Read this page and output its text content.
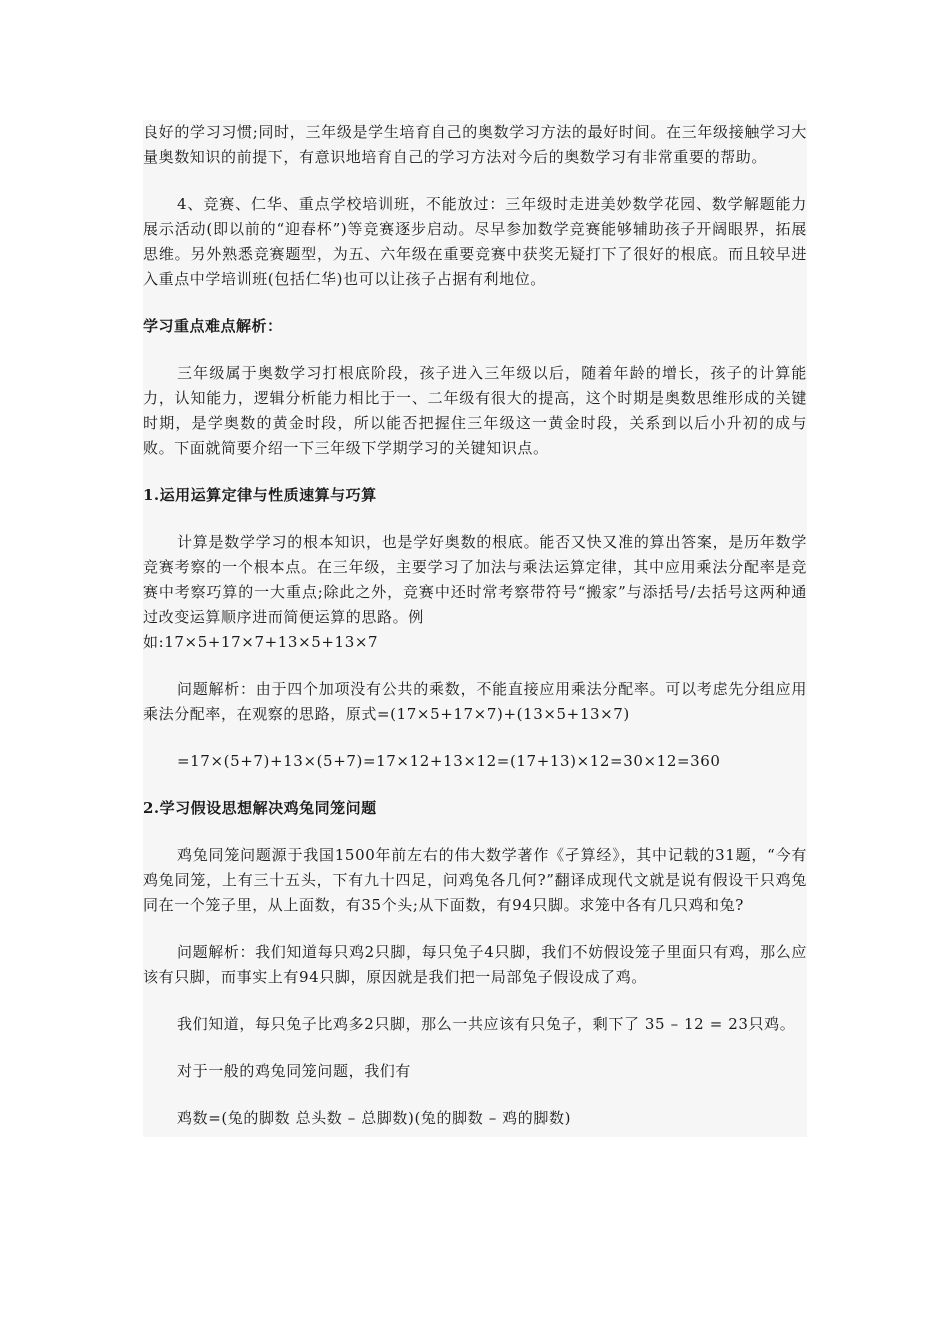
良好的学习习惯;同时，三年级是学生培育自己的奥数学习方法的最好时间。在三年级接触学习大量奥数知识的前提下，有意识地培育自己的学习方法对今后的奥数学习有非常重要的帮助。

4、竞赛、仁华、重点学校培训班，不能放过：三年级时走进美妙数学花园、数学解题能力展示活动(即以前的“迎春杯”)等竞赛逐步启动。尽早参加数学竞赛能够辅助孩子开阔眼界，拓展思维。另外熟悉竞赛题型，为五、六年级在重要竞赛中获奖无疑打下了很好的根底。而且较早进入重点中学培训班(包括仁华)也可以让孩子占据有利地位。

学习重点难点解析：

三年级属于奥数学习打根底阶段，孩子进入三年级以后，随着年龄的增长，孩子的计算能力，认知能力，逻辑分析能力相比于一、二年级有很大的提高，这个时期是奥数思维形成的关键时期，是学奥数的黄金时段，所以能否把握住三年级这一黄金时段，关系到以后小升初的成与败。下面就简要介绍一下三年级下学期学习的关键知识点。

1.运用运算定律与性质速算与巧算

计算是数学学习的根本知识，也是学好奥数的根底。能否又快又准的算出答案，是历年数学竞赛考察的一个根本点。在三年级，主要学习了加法与乘法运算定律，其中应用乘法分配率是竞赛中考察巧算的一大重点;除此之外，竞赛中还时常考察带符号“搬家”与添括号/去括号这两种通过改变运算顺序进而简便运算的思路。例

如:17×5+17×7+13×5+13×7

问题解析：由于四个加项没有公共的乘数，不能直接应用乘法分配率。可以考虑先分组应用乘法分配率，在观察的思路，原式=(17×5+17×7)+(13×5+13×7)

=17×(5+7)+13×(5+7)=17×12+13×12=(17+13)×12=30×12=360

2.学习假设思想解决鸡兔同笼问题

鸡兔同笼问题源于我国1500年前左右的伟大数学著作《孑算经》，其中记载的31题，“今有鸡兔同笼，上有三十五头，下有九十四足，问鸡兔各几何?”翻译成现代文就是说有假设干只鸡兔同在一个笼子里，从上面数，有35个头;从下面数，有94只脚。求笼中各有几只鸡和兔?

问题解析：我们知道每只鸡2只脚，每只兔子4只脚，我们不妨假设笼子里面只有鸡，那么应该有只脚，而事实上有94只脚，原因就是我们把一局部兔子假设成了鸡。

我们知道，每只兔子比鸡多2只脚，那么一共应该有只兔子，剩下了 35 – 12 = 23只鸡。

对于一般的鸡兔同笼问题，我们有

鸡数=(兔的脚数 总头数 – 总脚数)(兔的脚数 – 鸡的脚数)
